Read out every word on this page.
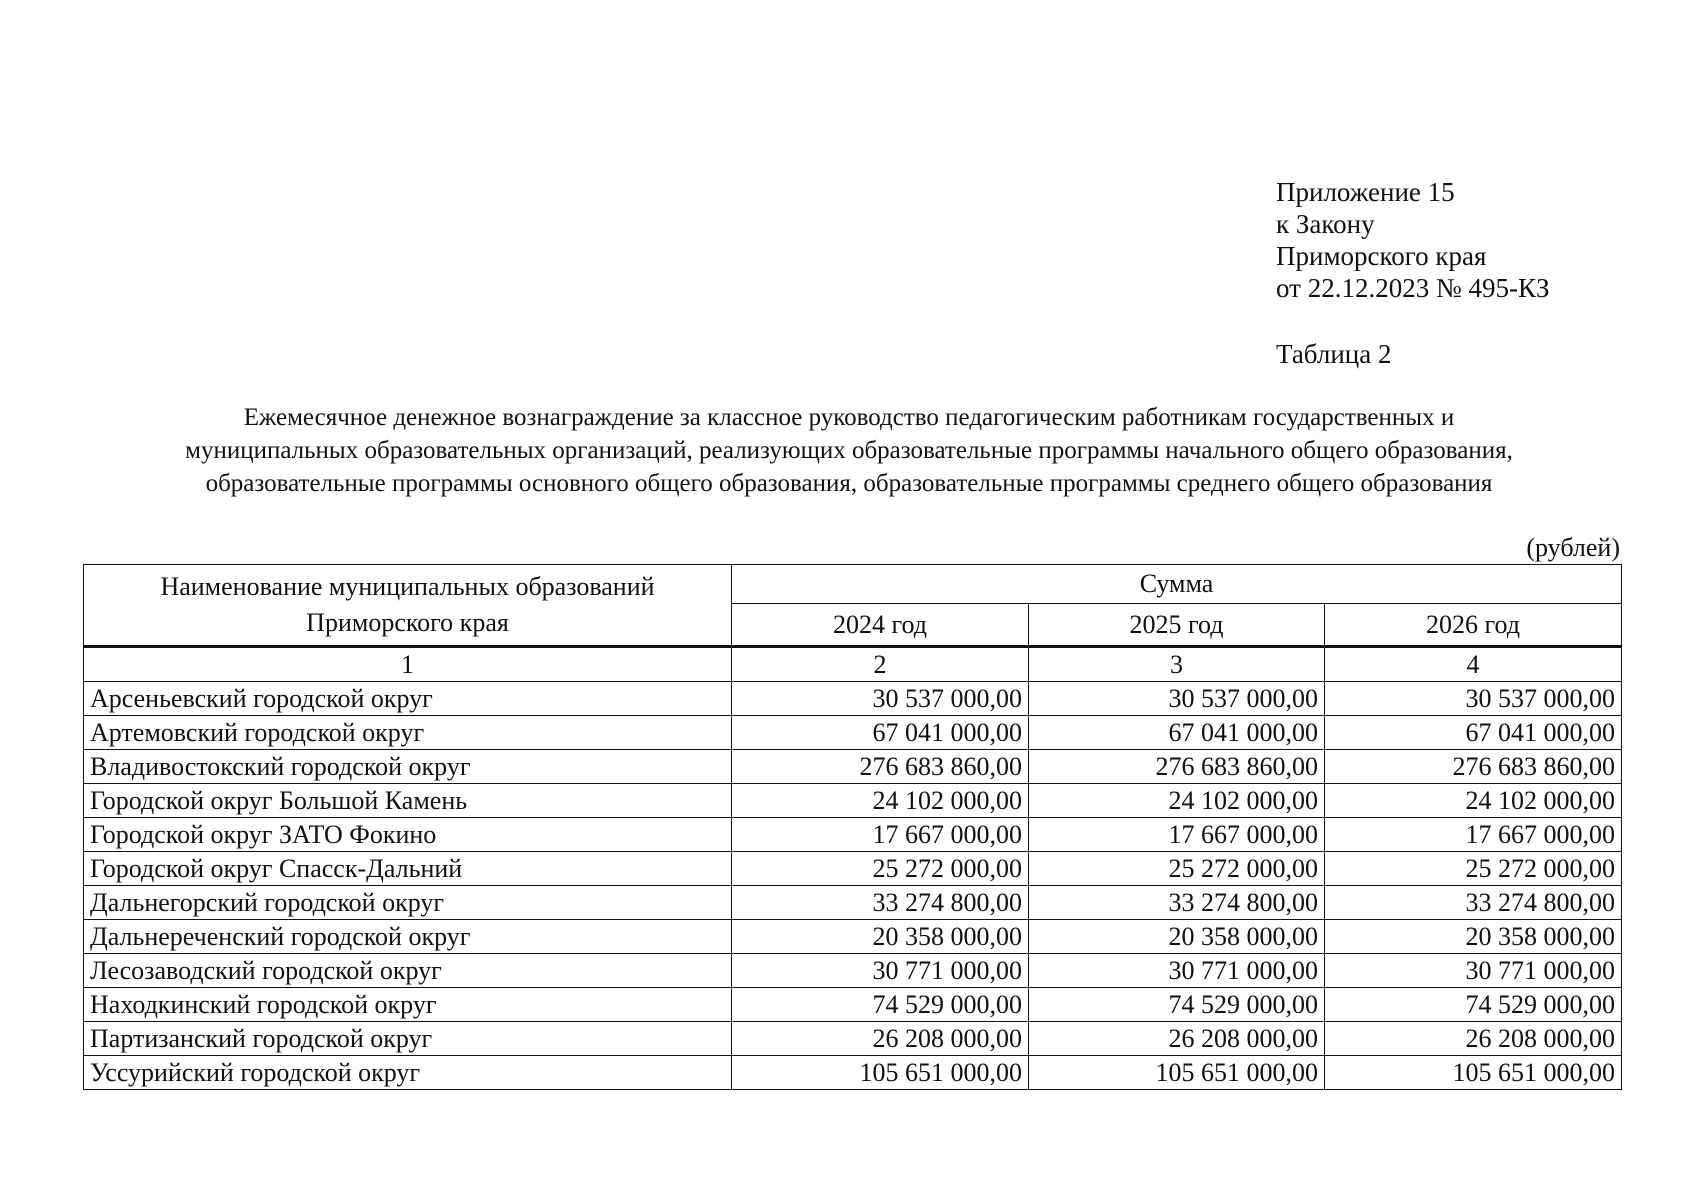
Приложение 15
к Закону
Приморского края
от 22.12.2023 № 495-КЗ
Таблица 2
Ежемесячное денежное вознаграждение за классное руководство педагогическим работникам государственных и
муниципальных образовательных организаций, реализующих образовательные программы начального общего образования,
образовательные программы основного общего образования, образовательные программы среднего общего образования
(рублей)
Наименование муниципальных образований
Приморского края	Сумма		
	2024 год	2025 год	2026 год
1	2	3	4
Арсеньевский городской округ	30 537 000,00	30 537 000,00	30 537 000,00
Артемовский городской округ	67 041 000,00	67 041 000,00	67 041 000,00
Владивостокский городской округ	276 683 860,00	276 683 860,00	276 683 860,00
Городской округ Большой Камень	24 102 000,00	24 102 000,00	24 102 000,00
Городской округ ЗАТО Фокино	17 667 000,00	17 667 000,00	17 667 000,00
Городской округ Спасск-Дальний	25 272 000,00	25 272 000,00	25 272 000,00
Дальнегорский городской округ	33 274 800,00	33 274 800,00	33 274 800,00
Дальнереченский городской округ	20 358 000,00	20 358 000,00	20 358 000,00
Лесозаводский городской округ	30 771 000,00	30 771 000,00	30 771 000,00
Находкинский городской округ	74 529 000,00	74 529 000,00	74 529 000,00
Партизанский городской округ	26 208 000,00	26 208 000,00	26 208 000,00
Уссурийский городской округ	105 651 000,00	105 651 000,00	105 651 000,00
